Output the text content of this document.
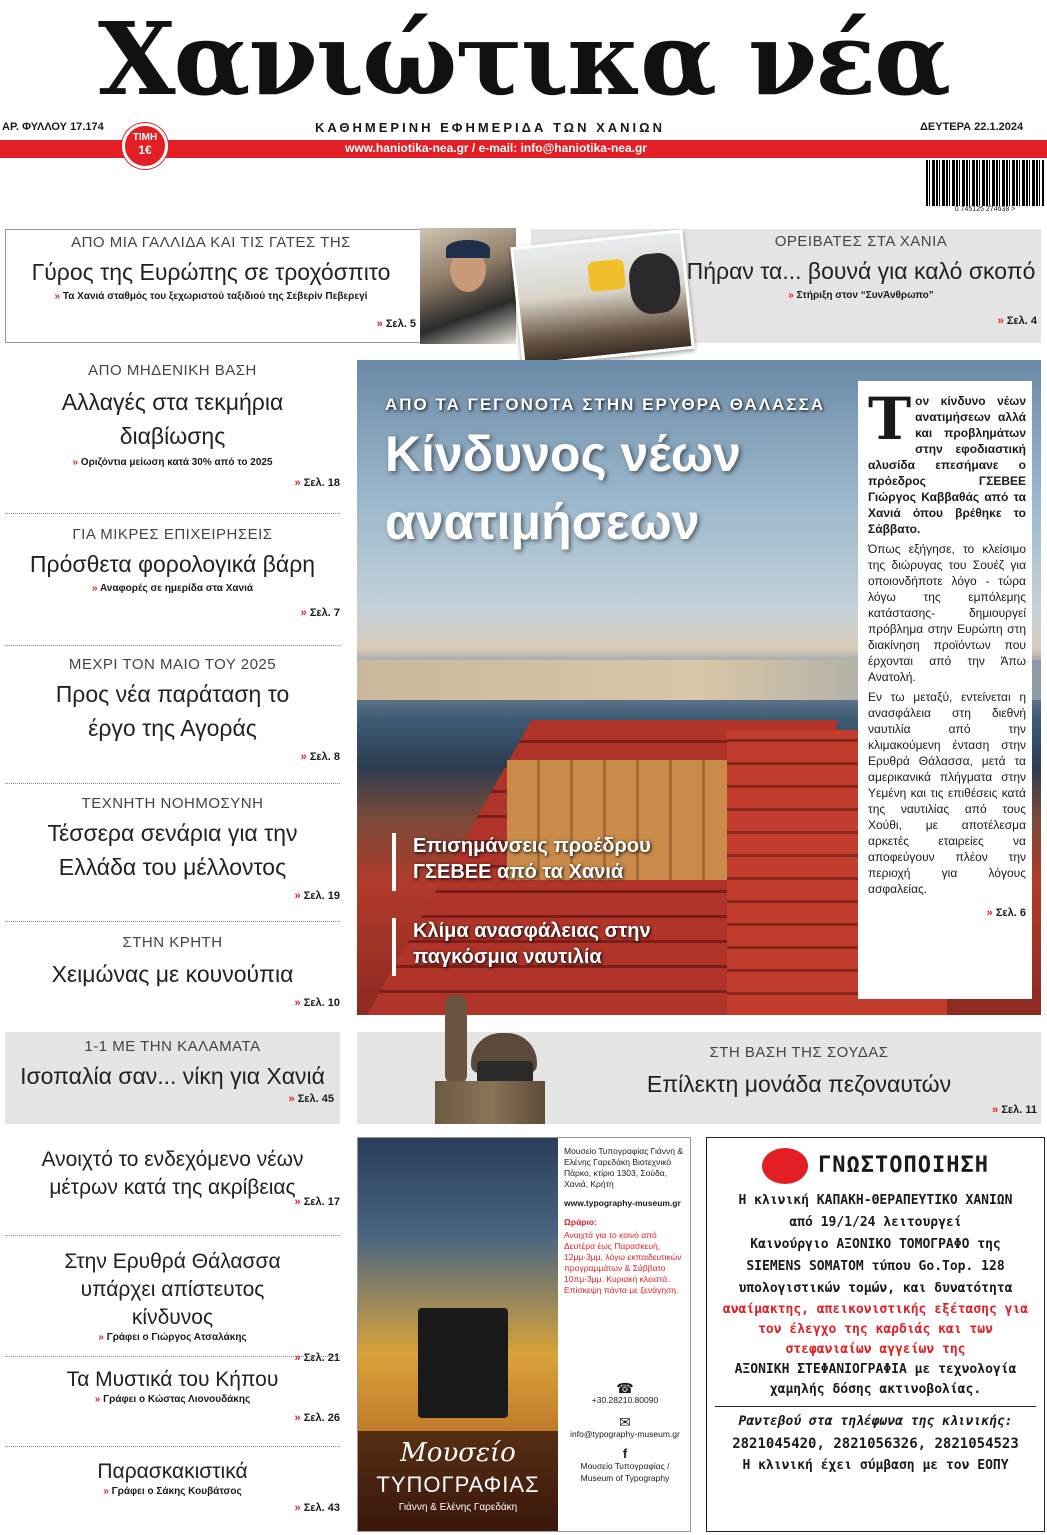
Χανιώτικα νέα
ΑΡ. ΦΥΛΛΟΥ 17.174	ΚΑΘΗΜΕΡΙΝΗ ΕΦΗΜΕΡΙΔΑ ΤΩΝ ΧΑΝΙΩΝ	ΔΕΥΤΕΡΑ 22.1.2024
www.haniotika-nea.gr / e-mail: info@haniotika-nea.gr
ΤΙΜΗ
1€
0 745125 274638 >
ΑΠΟ ΜΙΑ ΓΑΛΛΙΔΑ ΚΑΙ ΤΙΣ ΓΑΤΕΣ ΤΗΣ
Γύρος της Ευρώπης σε τροχόσπιτο
» Τα Χανιά σταθμός του ξεχωριστού ταξιδιού της Σεβερίν Πεβερεγί
» Σελ. 5
ΟΡΕΙΒΑΤΕΣ ΣΤΑ ΧΑΝΙΑ
Πήραν τα... βουνά για καλό σκοπό
» Στήριξη στον “ΣυνΆνθρωπο”
» Σελ. 4
ΑΠΟ ΜΗΔΕΝΙΚΗ ΒΑΣΗ
Αλλαγές στα τεκμήρια διαβίωσης
» Οριζόντια μείωση κατά 30% από το 2025
» Σελ. 18
ΓΙΑ ΜΙΚΡΕΣ ΕΠΙΧΕΙΡΗΣΕΙΣ
Πρόσθετα φορολογικά βάρη
» Αναφορές σε ημερίδα στα Χανιά
» Σελ. 7
ΜΕΧΡΙ ΤΟΝ ΜΑΙΟ ΤΟΥ 2025
Προς νέα παράταση το έργο της Αγοράς
» Σελ. 8
ΤΕΧΝΗΤΗ ΝΟΗΜΟΣΥΝΗ
Τέσσερα σενάρια για την Ελλάδα του μέλλοντος
» Σελ. 19
ΣΤΗΝ ΚΡΗΤΗ
Χειμώνας με κουνούπια
» Σελ. 10
ΑΠΟ ΤΑ ΓΕΓΟΝΟΤΑ ΣΤΗΝ ΕΡΥΘΡΑ ΘΑΛΑΣΣΑ
Κίνδυνος νέων ανατιμήσεων
Επισημάνσεις προέδρου ΓΣΕΒΕΕ από τα Χανιά
Κλίμα ανασφάλειας στην παγκόσμια ναυτιλία
Τ ον κίνδυνο νέων ανατιμήσεων αλλά και προβλημάτων στην εφοδιαστική αλυσίδα επεσήμανε ο πρόεδρος ΓΣΕΒΕΕ Γιώργος Καββαθάς από τα Χανιά όπου βρέθηκε το Σάββατο.
Όπως εξήγησε, το κλείσιμο της διώρυγας του Σουέζ για οποιονδήποτε λόγο - τώρα λόγω της εμπόλεμης κατάστασης- δημιουργεί πρόβλημα στην Ευρώπη στη διακίνηση προϊόντων που έρχονται από την Άπω Ανατολή.
Εν τω μεταξύ, εντείνεται η ανασφάλεια στη διεθνή ναυτιλία από την κλιμακούμενη ένταση στην Ερυθρά Θάλασσα, μετά τα αμερικανικά πλήγματα στην Υεμένη και τις επιθέσεις κατά της ναυτιλίας από τους Χούθι, με αποτέλεσμα αρκετές εταιρείες να αποφεύγουν πλέον την περιοχή για λόγους ασφαλείας.
» Σελ. 6
1-1 ΜΕ ΤΗΝ ΚΑΛΑΜΑΤΑ
Ισοπαλία σαν... νίκη για Χανιά
» Σελ. 45
ΣΤΗ ΒΑΣΗ ΤΗΣ ΣΟΥΔΑΣ
Επίλεκτη μονάδα πεζοναυτών
» Σελ. 11
Ανοιχτό το ενδεχόμενο νέων μέτρων κατά της ακρίβειας
» Σελ. 17
Στην Ερυθρά Θάλασσα υπάρχει απίστευτος κίνδυνος
» Γράφει ο Γιώργος Ατσαλάκης
» Σελ. 21
Τα Μυστικά του Κήπου
» Γράφει ο Κώστας Λιονουδάκης
» Σελ. 26
Παρασκακιστικά
» Γράφει ο Σάκης Κουβάτσος
» Σελ. 43
Μουσείο
ΤΥΠΟΓΡΑΦΙΑΣ
Γιάννη & Ελένης Γαρεδάκη
Μουσείο Τυπογραφίας Γιάννη & Ελένης Γαρεδάκη Βιοτεχνικό Πάρκο, κτίριο 1303, Σούδα, Χανιά, Κρήτη
www.typography-museum.gr
Ωράριο:
Ανοιχτά για το κοινό από Δευτέρα έως Παρασκευή, 12μμ-3μμ, λόγω εκπαιδευτικών προγραμμάτων & Σάββατο 10πμ-3μμ. Κυριακή κλειστά. Επίσκεψη πάντα με ξενάγηση.
☎
+30.28210.80090
✉
info@typography-museum.gr
f
Μουσείο Τυπογραφίας / Museum of Typography
ΓΝΩΣΤΟΠΟΙΗΣΗ
Η κλινική ΚΑΠΑΚΗ-ΘΕΡΑΠΕΥΤΙΚΟ ΧΑΝΙΩΝ
από 19/1/24 λειτουργεί
Καινούργιο ΑΞΟΝΙΚΟ ΤΟΜΟΓΡΑΦΟ της
SIEMENS SOMATOM τύπου Go.Top. 128
υπολογιστικών τομών, και δυνατότητα
αναίμακτης, απεικονιστικής εξέτασης για τον έλεγχο της καρδιάς και των στεφανιαίων αγγείων της
ΑΞΟΝΙΚΗ ΣΤΕΦΑΝΙΟΓΡΑΦΙΑ με τεχνολογία χαμηλής δόσης ακτινοβολίας.
Ραντεβού στα τηλέφωνα της κλινικής:
2821045420, 2821056326, 2821054523
Η κλινική έχει σύμβαση με τον ΕΟΠΥ
